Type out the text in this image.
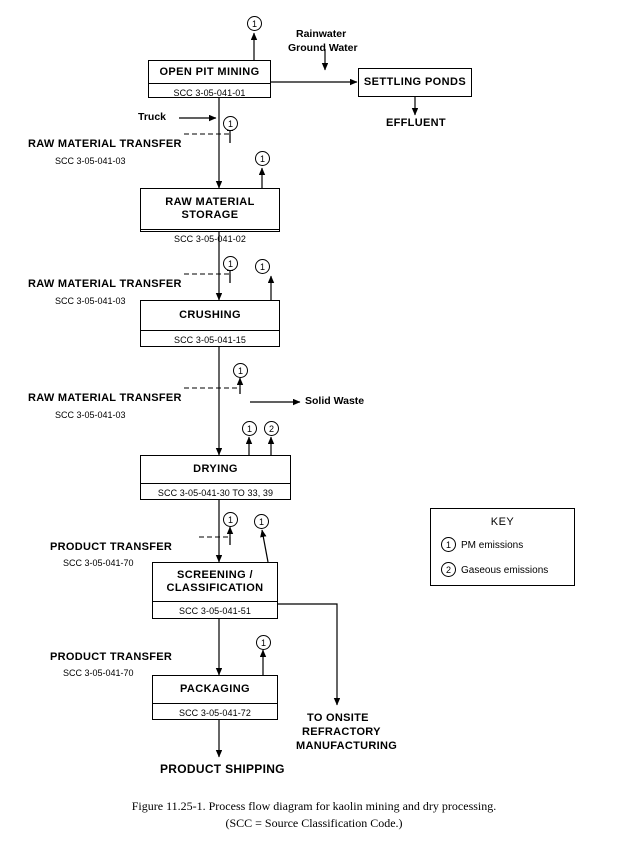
OPEN PIT MINING
SCC 3-05-041-01
SETTLING PONDS
RAW MATERIAL STORAGE
SCC 3-05-041-02
CRUSHING
SCC 3-05-041-15
DRYING
SCC 3-05-041-30 TO 33, 39
SCREENING /
CLASSIFICATION
SCC 3-05-041-51
PACKAGING
SCC 3-05-041-72
1
1
1
1	1
1
1	2
1	1
1
Rainwater
Ground Water
EFFLUENT
Truck
Solid Waste
RAW MATERIAL TRANSFER
SCC 3-05-041-03
RAW MATERIAL TRANSFER
SCC 3-05-041-03
RAW MATERIAL TRANSFER
SCC 3-05-041-03
PRODUCT TRANSFER
SCC 3-05-041-70
PRODUCT TRANSFER
SCC 3-05-041-70
TO ONSITE
REFRACTORY
MANUFACTURING
PRODUCT SHIPPING
KEY
1	PM emissions
2	Gaseous emissions
Figure 11.25-1. Process flow diagram for kaolin mining and dry processing.
(SCC = Source Classification Code.)
